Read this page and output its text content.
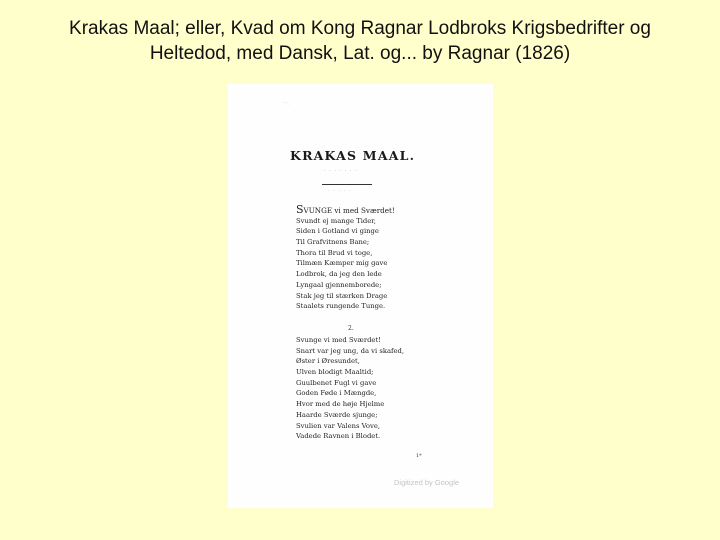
Krakas Maal; eller, Kvad om Kong Ragnar Lodbroks Krigsbedrifter og
Heltedod, med Dansk, Lat. og... by Ragnar (1826)
' ' .
KRAKAS MAAL.
· · · · · · ·
· · · · ·
SVUNGE vi med Sværdet!
Svundt ej mange Tider,
Siden i Gotland vi ginge
Til Grafvitnens Bane;
Thora til Brud vi toge,
Tilmæn Kæmper mig gave
Lodbrok, da jeg den lede
Lyngaal gjennemborede;
Stak jeg til stærken Drage
Staalets rungende Tunge.
2.
Svunge vi med Sværdet!
Snart var jeg ung, da vi skafed,
Øster i Øresundet,
Ulven blodigt Maaltid;
Guulbenet Fugl vi gave
Goden Føde i Mængde,
Hvor med de høje Hjelme
Haarde Sværde sjunge;
Svulien var Valens Vove,
Vadede Ravnen i Blodet.
1*
Digitized by Google
